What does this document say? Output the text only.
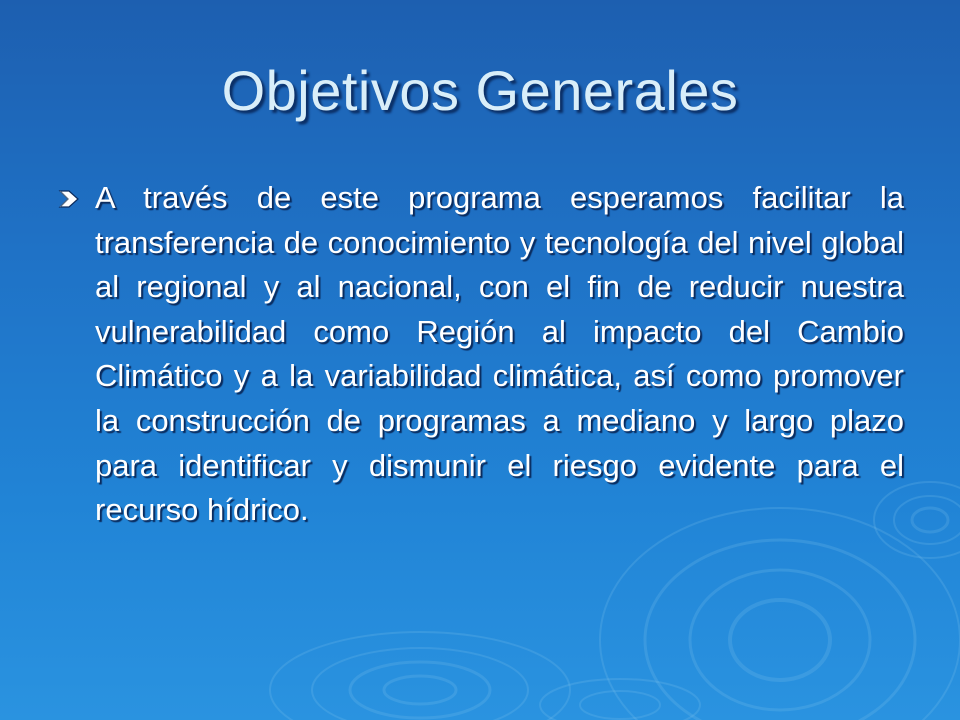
Objetivos Generales
A través de este programa esperamos facilitar la transferencia de conocimiento y tecnología del nivel global al regional y al nacional, con el fin de reducir nuestra vulnerabilidad como Región al impacto del Cambio Climático y a la variabilidad climática, así como promover la construcción de programas a mediano y largo plazo para identificar y dismunir el riesgo evidente para el recurso hídrico.
